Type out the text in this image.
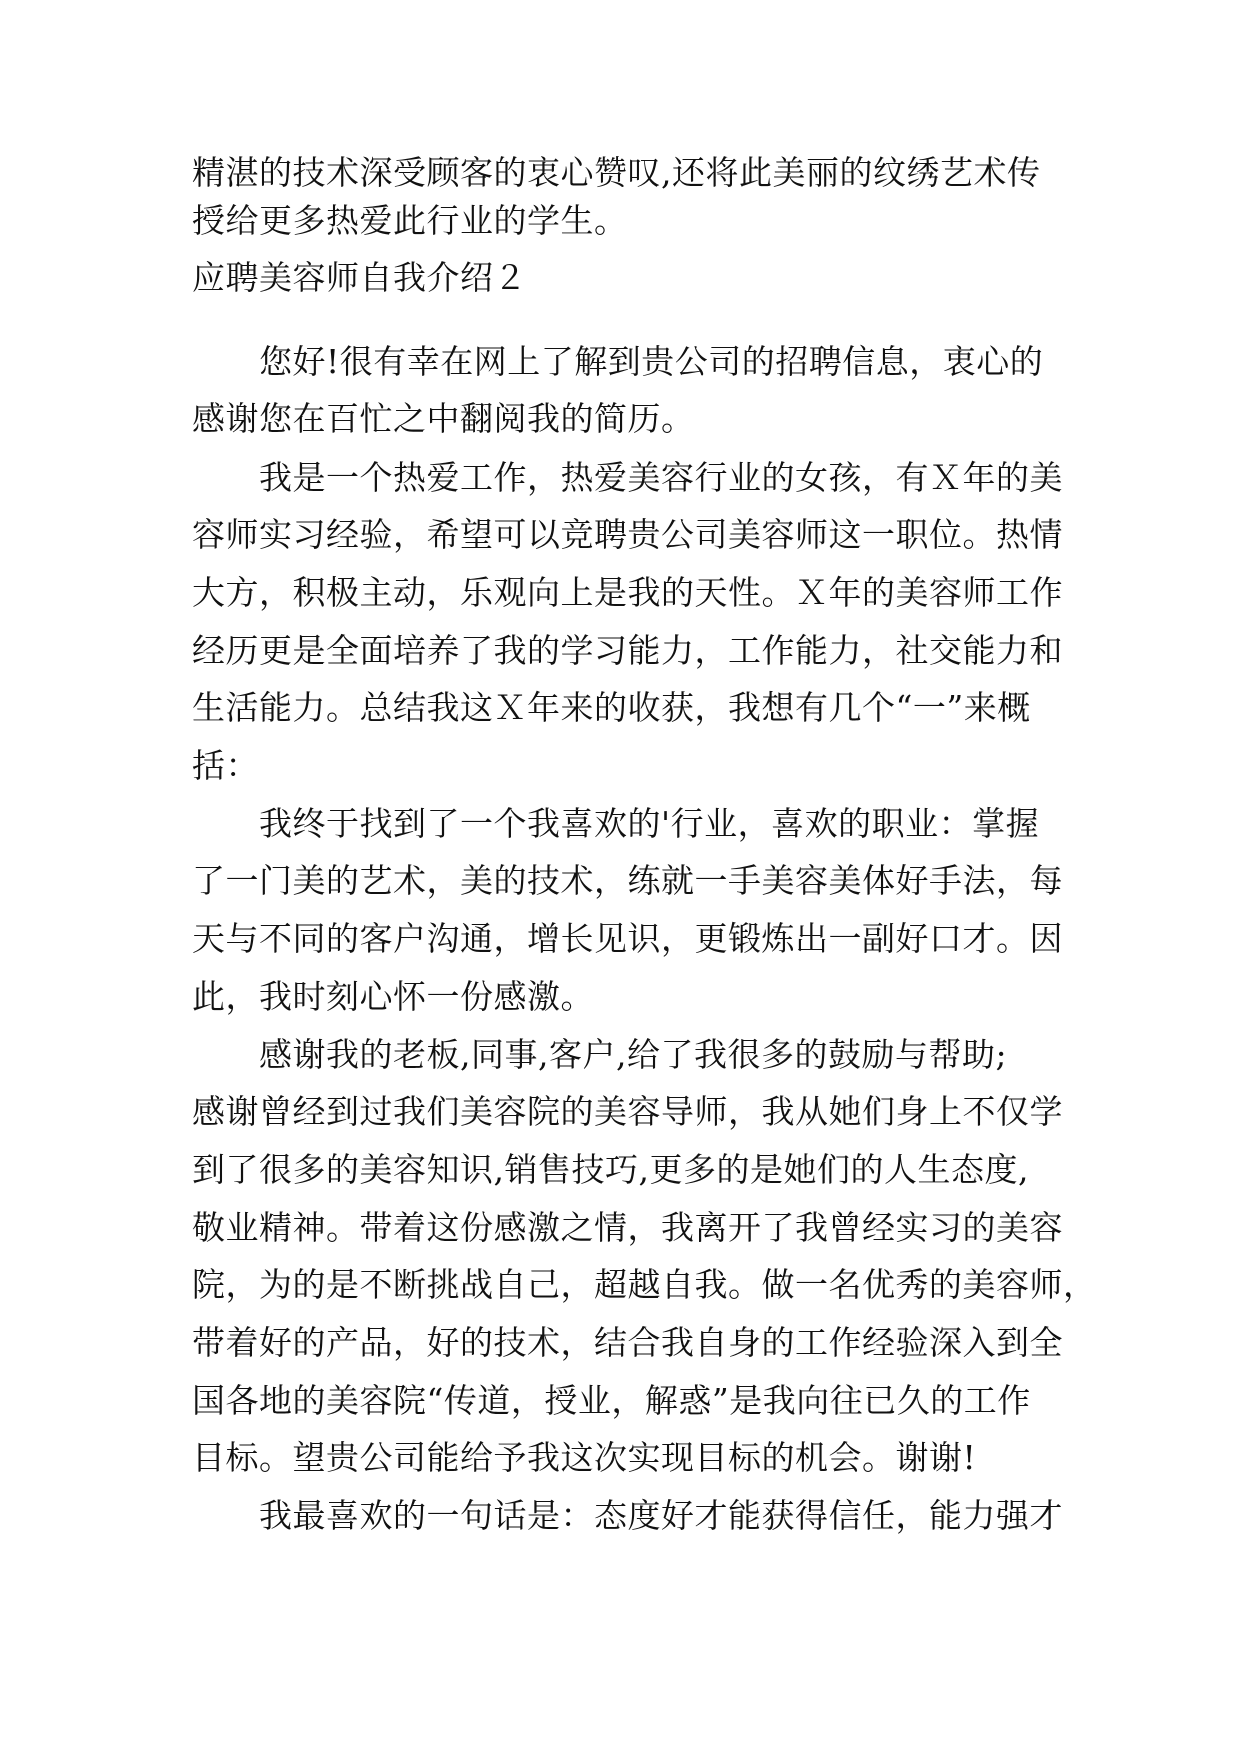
精湛的技术深受顾客的衷心赞叹,还将此美丽的纹绣艺术传
授给更多热爱此行业的学生。
应聘美容师自我介绍２
　　您好!很有幸在网上了解到贵公司的招聘信息，衷心的
感谢您在百忙之中翻阅我的简历。
　　我是一个热爱工作，热爱美容行业的女孩，有Ｘ年的美
容师实习经验，希望可以竞聘贵公司美容师这一职位。热情
大方，积极主动，乐观向上是我的天性。Ｘ年的美容师工作
经历更是全面培养了我的学习能力，工作能力，社交能力和
生活能力。总结我这Ｘ年来的收获，我想有几个“一”来概
括：
　　我终于找到了一个我喜欢的'行业，喜欢的职业：掌握
了一门美的艺术，美的技术，练就一手美容美体好手法，每
天与不同的客户沟通，增长见识，更锻炼出一副好口才。因
此，我时刻心怀一份感激。
　　感谢我的老板,同事,客户,给了我很多的鼓励与帮助;
感谢曾经到过我们美容院的美容导师，我从她们身上不仅学
到了很多的美容知识,销售技巧,更多的是她们的人生态度,
敬业精神。带着这份感激之情，我离开了我曾经实习的美容
院，为的是不断挑战自己，超越自我。做一名优秀的美容师，
带着好的产品，好的技术，结合我自身的工作经验深入到全
国各地的美容院“传道，授业，解惑”是我向往已久的工作
目标。望贵公司能给予我这次实现目标的机会。谢谢!
　　我最喜欢的一句话是：态度好才能获得信任，能力强才
